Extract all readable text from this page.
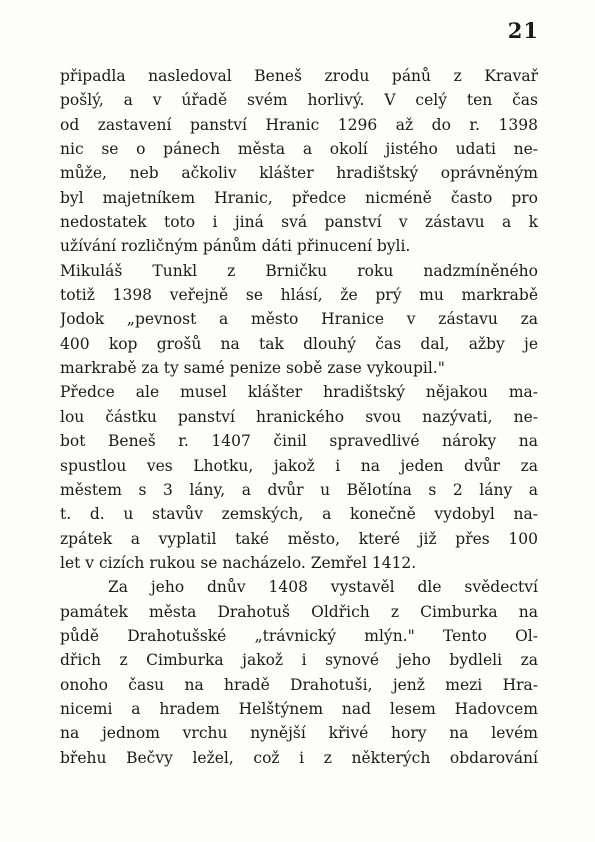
21
připadla nasledoval Beneš zrodu pánů z Kravař
pošlý, a v úřadě svém horlivý. V celý ten čas
od zastavení panství Hranic 1296 až do r. 1398
nic se o pánech města a okolí jistého udati ne-
může, neb ačkoliv klášter hradištský oprávněným
byl majetníkem Hranic, předce nicméně často pro
nedostatek toto i jiná svá panství v zástavu a k
užívání rozličným pánům dáti přinucení byli.
Mikuláš Tunkl z Brničku roku nadzmíněného
totiž 1398 veřejně se hlásí, že prý mu markrabě
Jodok „pevnost a město Hranice v zástavu za
400 kop grošů na tak dlouhý čas dal, ažby je
markrabě za ty samé penize sobě zase vykoupil."
Předce ale musel klášter hradištský nějakou ma-
lou částku panství hranického svou nazývati, ne-
bot Beneš r. 1407 činil spravedlivé nároky na
spustlou ves Lhotku, jakož i na jeden dvůr za
městem s 3 lány, a dvůr u Bělotína s 2 lány a
t. d. u stavův zemských, a konečně vydobyl na-
zpátek a vyplatil také město, které již přes 100
let v cizích rukou se nacházelo. Zemřel 1412.
Za jeho dnův 1408 vystavěl dle svědectví
památek města Drahotuš Oldřich z Cimburka na
půdě Drahotušské „trávnický mlýn." Tento Ol-
dřich z Cimburka jakož i synové jeho bydleli za
onoho času na hradě Drahotuši, jenž mezi Hra-
nicemi a hradem Helštýnem nad lesem Hadovcem
na jednom vrchu nynější křivé hory na levém
břehu Bečvy ležel, což i z některých obdarování
